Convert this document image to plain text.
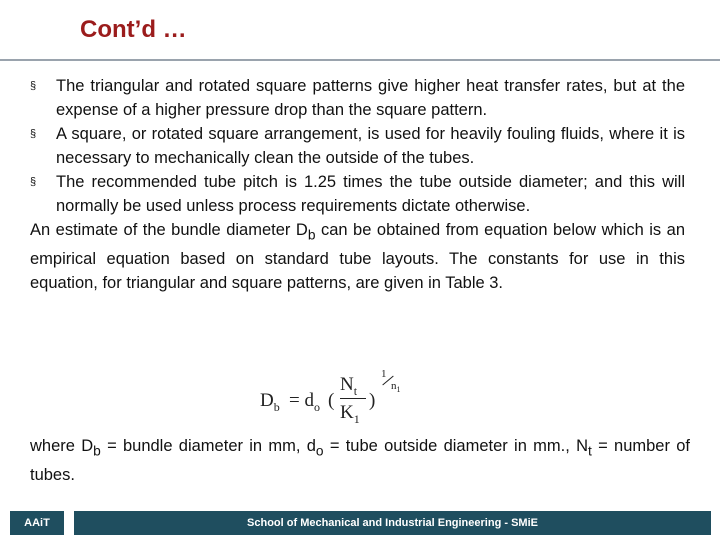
Cont’d …
§ The triangular and rotated square patterns give higher heat transfer rates, but at the expense of a higher pressure drop than the square pattern.
§ A square, or rotated square arrangement, is used for heavily fouling fluids, where it is necessary to mechanically clean the outside of the tubes.
§ The recommended tube pitch is 1.25 times the tube outside diameter; and this will normally be used unless process requirements dictate otherwise.

An estimate of the bundle diameter $D_b$ can be obtained from equation below which is an empirical equation based on standard tube layouts. The constants for use in this equation, for triangular and square patterns, are given in Table 3.

$D_b = d_o$ (
$N_t$
$K_1$
)
1
$n_1$

where $D_b$ = bundle diameter in mm, $d_o$ = tube outside diameter in mm., $N_t$ = number of tubes.

AAiT	School of Mechanical and Industrial Engineering - SMiE
